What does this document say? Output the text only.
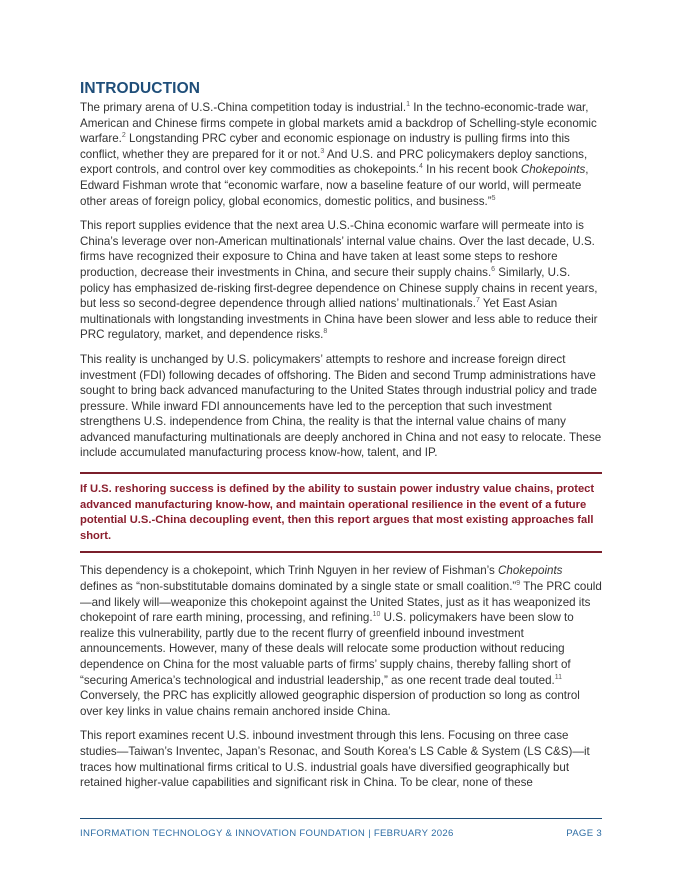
INTRODUCTION

The primary arena of U.S.-China competition today is industrial.$^1$ In the techno-economic-trade war, American and Chinese firms compete in global markets amid a backdrop of Schelling-style economic warfare.$^2$ Longstanding PRC cyber and economic espionage on industry is pulling firms into this conflict, whether they are prepared for it or not.$^3$ And U.S. and PRC policymakers deploy sanctions, export controls, and control over key commodities as chokepoints.$^4$ In his recent book Chokepoints, Edward Fishman wrote that “economic warfare, now a baseline feature of our world, will permeate other areas of foreign policy, global economics, domestic politics, and business.”$^5$

This report supplies evidence that the next area U.S.-China economic warfare will permeate into is China’s leverage over non-American multinationals’ internal value chains. Over the last decade, U.S. firms have recognized their exposure to China and have taken at least some steps to reshore production, decrease their investments in China, and secure their supply chains.$^6$ Similarly, U.S. policy has emphasized de-risking first-degree dependence on Chinese supply chains in recent years, but less so second-degree dependence through allied nations’ multinationals.$^7$ Yet East Asian multinationals with longstanding investments in China have been slower and less able to reduce their PRC regulatory, market, and dependence risks.$^8$

This reality is unchanged by U.S. policymakers’ attempts to reshore and increase foreign direct investment (FDI) following decades of offshoring. The Biden and second Trump administrations have sought to bring back advanced manufacturing to the United States through industrial policy and trade pressure. While inward FDI announcements have led to the perception that such investment strengthens U.S. independence from China, the reality is that the internal value chains of many advanced manufacturing multinationals are deeply anchored in China and not easy to relocate. These include accumulated manufacturing process know-how, talent, and IP.

If U.S. reshoring success is defined by the ability to sustain power industry value chains, protect advanced manufacturing know-how, and maintain operational resilience in the event of a future potential U.S.-China decoupling event, then this report argues that most existing approaches fall short.

This dependency is a chokepoint, which Trinh Nguyen in her review of Fishman’s Chokepoints defines as “non-substitutable domains dominated by a single state or small coalition.”$^9$ The PRC could—and likely will—weaponize this chokepoint against the United States, just as it has weaponized its chokepoint of rare earth mining, processing, and refining.$^{10}$ U.S. policymakers have been slow to realize this vulnerability, partly due to the recent flurry of greenfield inbound investment announcements. However, many of these deals will relocate some production without reducing dependence on China for the most valuable parts of firms’ supply chains, thereby falling short of “securing America’s technological and industrial leadership,” as one recent trade deal touted.$^{11}$ Conversely, the PRC has explicitly allowed geographic dispersion of production so long as control over key links in value chains remain anchored inside China.

This report examines recent U.S. inbound investment through this lens. Focusing on three case studies—Taiwan’s Inventec, Japan’s Resonac, and South Korea’s LS Cable & System (LS C&S)—it traces how multinational firms critical to U.S. industrial goals have diversified geographically but retained higher-value capabilities and significant risk in China. To be clear, none of these

INFORMATION TECHNOLOGY & INNOVATION FOUNDATION | FEBRUARY 2026	PAGE 3
